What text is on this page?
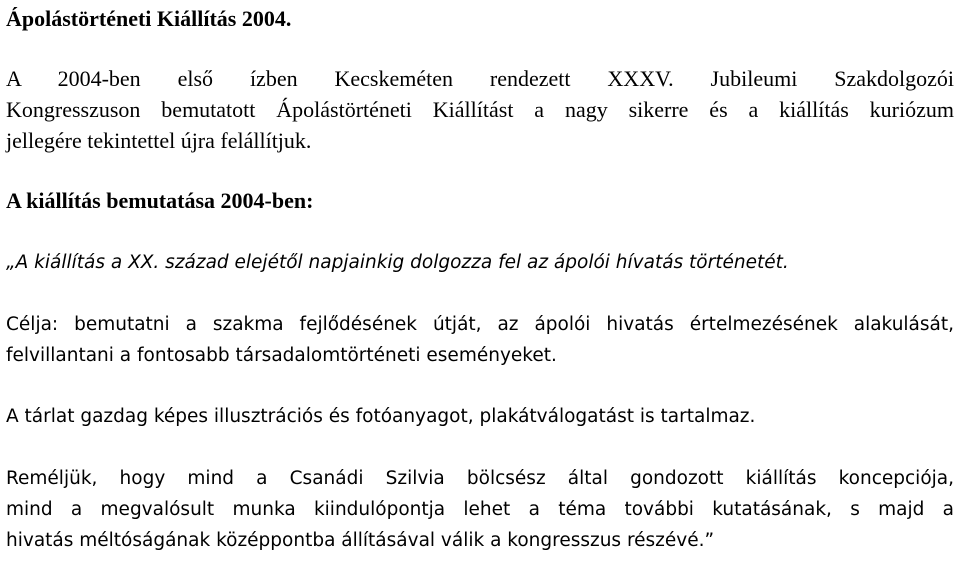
Ápolástörténeti Kiállítás 2004.

A 2004-ben első ízben Kecskeméten rendezett XXXV. Jubileumi Szakdolgozói
Kongresszuson bemutatott Ápolástörténeti Kiállítást a nagy sikerre és a kiállítás kuriózum
jellegére tekintettel újra felállítjuk.

A kiállítás bemutatása 2004-ben:

„A kiállítás a XX. század elejétől napjainkig dolgozza fel az ápolói hívatás történetét.

Célja: bemutatni a szakma fejlődésének útját, az ápolói hivatás értelmezésének alakulását,
felvillantani a fontosabb társadalomtörténeti eseményeket.

A tárlat gazdag képes illusztrációs és fotóanyagot, plakátválogatást is tartalmaz.

Reméljük, hogy mind a Csanádi Szilvia bölcsész által gondozott kiállítás koncepciója,
mind a megvalósult munka kiindulópontja lehet a téma további kutatásának, s majd a
hivatás méltóságának középpontba állításával válik a kongresszus részévé.”
